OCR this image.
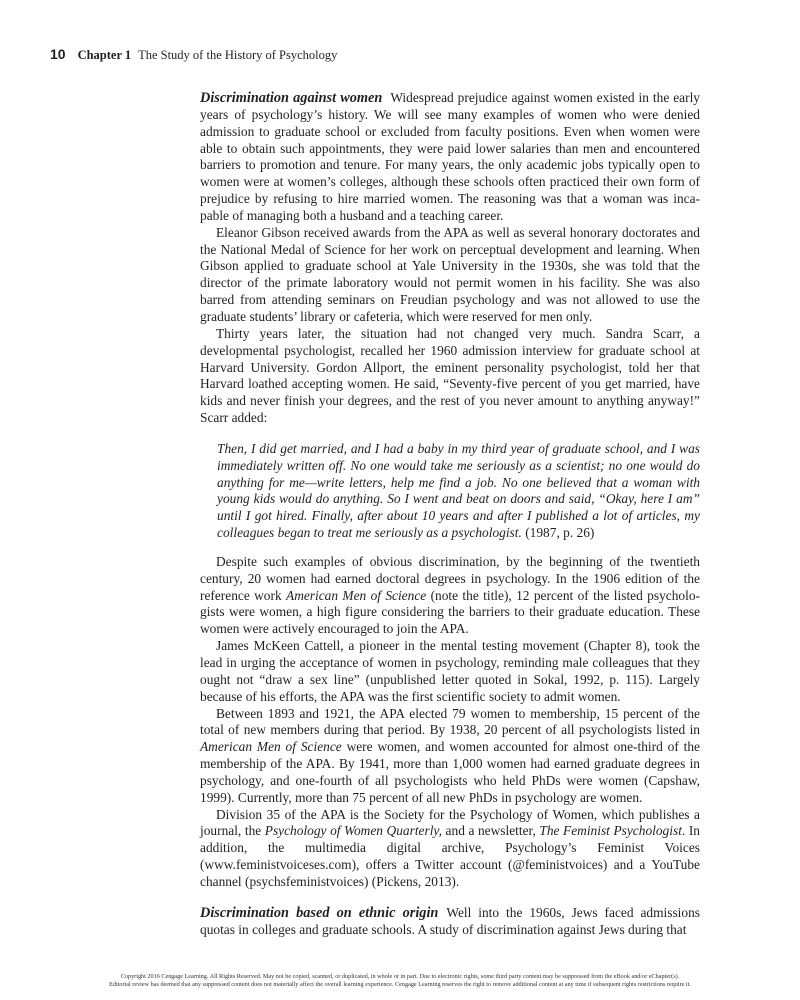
10 Chapter 1 The Study of the History of Psychology

Discrimination against women Widespread prejudice against women existed in the early years of psychology’s history. We will see many examples of women who were denied admission to graduate school or excluded from faculty positions. Even when women were able to obtain such appointments, they were paid lower salaries than men and encountered barriers to promotion and tenure. For many years, the only academic jobs typically open to women were at women’s colleges, although these schools often practiced their own form of prejudice by refusing to hire married women. The reasoning was that a woman was incapable of managing both a husband and a teaching career.

Eleanor Gibson received awards from the APA as well as several honorary doctorates and the National Medal of Science for her work on perceptual development and learning. When Gibson applied to graduate school at Yale University in the 1930s, she was told that the director of the primate laboratory would not permit women in his facility. She was also barred from attending seminars on Freudian psychology and was not allowed to use the graduate students’ library or cafeteria, which were reserved for men only.

Thirty years later, the situation had not changed very much. Sandra Scarr, a developmental psychologist, recalled her 1960 admission interview for graduate school at Harvard University. Gordon Allport, the eminent personality psychologist, told her that Harvard loathed accepting women. He said, “Seventy-five percent of you get married, have kids and never finish your degrees, and the rest of you never amount to anything anyway!” Scarr added:

Then, I did get married, and I had a baby in my third year of graduate school, and I was immediately written off. No one would take me seriously as a scientist; no one would do anything for me—write letters, help me find a job. No one believed that a woman with young kids would do anything. So I went and beat on doors and said, “Okay, here I am” until I got hired. Finally, after about 10 years and after I published a lot of articles, my colleagues began to treat me seriously as a psychologist. (1987, p. 26)

Despite such examples of obvious discrimination, by the beginning of the twentieth century, 20 women had earned doctoral degrees in psychology. In the 1906 edition of the reference work American Men of Science (note the title), 12 percent of the listed psychologists were women, a high figure considering the barriers to their graduate education. These women were actively encouraged to join the APA.

James McKeen Cattell, a pioneer in the mental testing movement (Chapter 8), took the lead in urging the acceptance of women in psychology, reminding male colleagues that they ought not “draw a sex line” (unpublished letter quoted in Sokal, 1992, p. 115). Largely because of his efforts, the APA was the first scientific society to admit women.

Between 1893 and 1921, the APA elected 79 women to membership, 15 percent of the total of new members during that period. By 1938, 20 percent of all psychologists listed in American Men of Science were women, and women accounted for almost one-third of the membership of the APA. By 1941, more than 1,000 women had earned graduate degrees in psychology, and one-fourth of all psychologists who held PhDs were women (Capshaw, 1999). Currently, more than 75 percent of all new PhDs in psychology are women.

Division 35 of the APA is the Society for the Psychology of Women, which publishes a journal, the Psychology of Women Quarterly, and a newsletter, The Feminist Psychologist. In addition, the multimedia digital archive, Psychology’s Feminist Voices (www.feministvoiceses.com), offers a Twitter account (@feministvoices) and a YouTube channel (psychsfeministvoices) (Pickens, 2013).

Discrimination based on ethnic origin Well into the 1960s, Jews faced admissions quotas in colleges and graduate schools. A study of discrimination against Jews during that

Copyright 2016 Cengage Learning. All Rights Reserved. May not be copied, scanned, or duplicated, in whole or in part. Due to electronic rights, some third party content may be suppressed from the eBook and/or eChapter(s).
Editorial review has deemed that any suppressed content does not materially affect the overall learning experience. Cengage Learning reserves the right to remove additional content at any time if subsequent rights restrictions require it.
